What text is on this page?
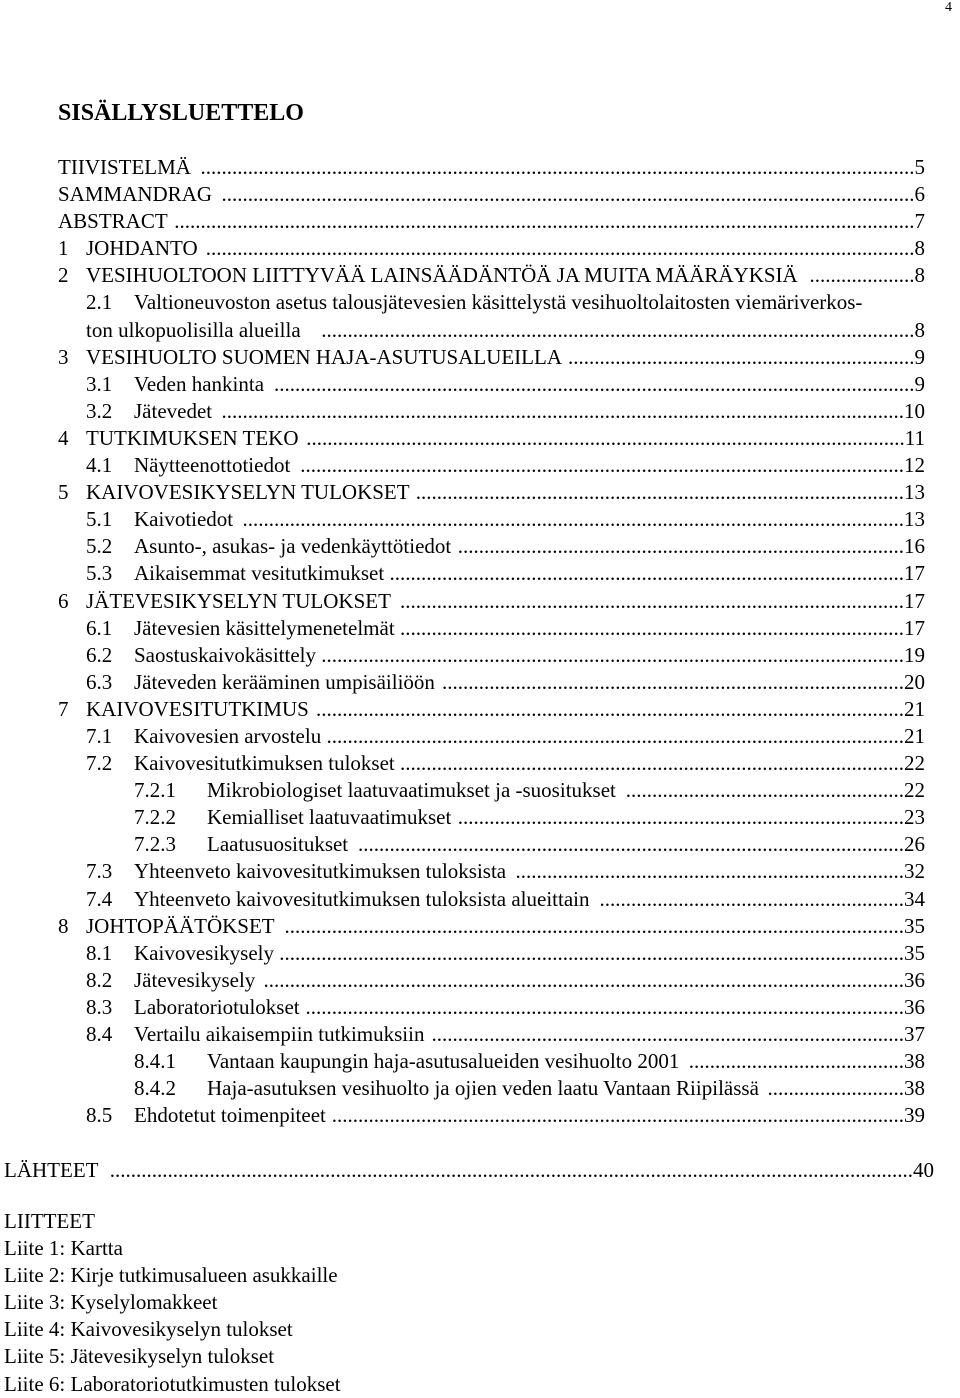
4
SISÄLLYSLUETTELO
TIIVISTELMÄ ........................................................................................................................................ 5
SAMMANDRAG .................................................................................................................................... 6
ABSTRACT ............................................................................................................................................. 7
1 JOHDANTO ....................................................................................................................................... 8
2 VESIHUOLTOON LIITTYVÄÄ LAINSÄÄDÄNTÖÄ JA MUITA MÄÄRÄYKSIÄ .................... 8
2.1 Valtioneuvoston asetus talousjätevesien käsittelystä vesihuoltolaitosten viemäriverkos-
ton ulkopuolisilla alueilla ................................................................................................................. 8
3 VESIHUOLTO SUOMEN HAJA-ASUTUSALUEILLA .................................................................. 9
3.1 Veden hankinta .......................................................................................................................... 9
3.2 Jätevedet .................................................................................................................................. 10
4 TUTKIMUKSEN TEKO .................................................................................................................. 11
4.1 Näytteenottotiedot ................................................................................................................... 12
5 KAIVOVESIKYSELYN TULOKSET ............................................................................................. 13
5.1 Kaivotiedot .............................................................................................................................. 13
5.2 Asunto-, asukas- ja vedenkäyttötiedot ..................................................................................... 16
5.3 Aikaisemmat vesitutkimukset .................................................................................................. 17
6 JÄTEVESIKYSELYN TULOKSET ................................................................................................ 17
6.1 Jätevesien käsittelymenetelmät ................................................................................................ 17
6.2 Saostuskaivokäsittely ............................................................................................................... 19
6.3 Jäteveden kerääminen umpisäiliöön ........................................................................................ 20
7 KAIVOVESITUTKIMUS ................................................................................................................ 21
7.1 Kaivovesien arvostelu .............................................................................................................. 21
7.2 Kaivovesitutkimuksen tulokset ................................................................................................ 22
7.2.1 Mikrobiologiset laatuvaatimukset ja -suositukset ..................................................... 22
7.2.2 Kemialliset laatuvaatimukset ..................................................................................... 23
7.2.3 Laatusuositukset ........................................................................................................ 26
7.3 Yhteenveto kaivovesitutkimuksen tuloksista .......................................................................... 32
7.4 Yhteenveto kaivovesitutkimuksen tuloksista alueittain .......................................................... 34
8 JOHTOPÄÄTÖKSET ...................................................................................................................... 35
8.1 Kaivovesikysely ....................................................................................................................... 35
8.2 Jätevesikysely .......................................................................................................................... 36
8.3 Laboratoriotulokset .................................................................................................................. 36
8.4 Vertailu aikaisempiin tutkimuksiin .......................................................................................... 37
8.4.1 Vantaan kaupungin haja-asutusalueiden vesihuolto 2001 ......................................... 38
8.4.2 Haja-asutuksen vesihuolto ja ojien veden laatu Vantaan Riipilässä .......................... 38
8.5 Ehdotetut toimenpiteet ............................................................................................................. 39
LÄHTEET ......................................................................................................................................................... 40
LIITTEET
Liite 1: Kartta
Liite 2: Kirje tutkimusalueen asukkaille
Liite 3: Kyselylomakkeet
Liite 4: Kaivovesikyselyn tulokset
Liite 5: Jätevesikyselyn tulokset
Liite 6: Laboratoriotutkimusten tulokset
